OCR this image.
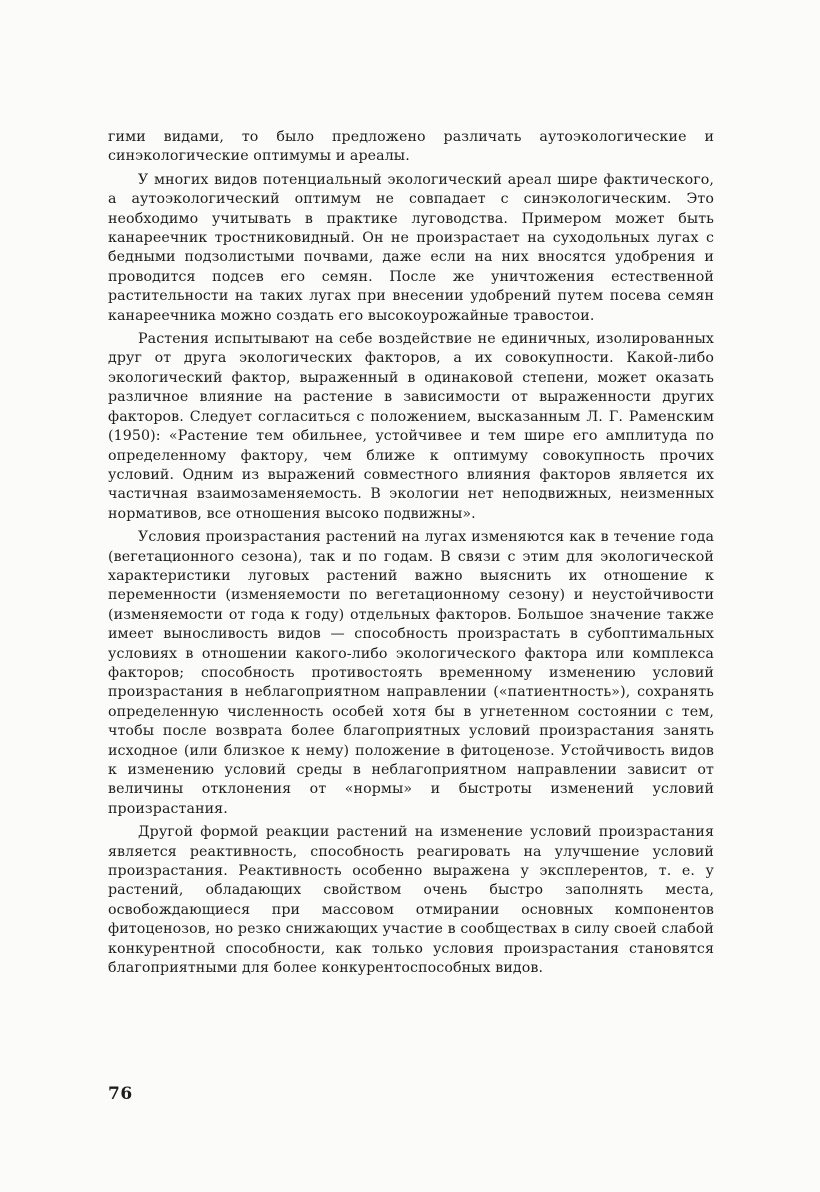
гими видами, то было предложено различать аутоэкологические и синэкологические оптимумы и ареалы.

У многих видов потенциальный экологический ареал шире фактического, а аутоэкологический оптимум не совпадает с синэкологическим. Это необходимо учитывать в практике луговодства. Примером может быть канареечник тростниковидный. Он не произрастает на суходольных лугах с бедными подзолистыми почвами, даже если на них вносятся удобрения и проводится подсев его семян. После же уничтожения естественной растительности на таких лугах при внесении удобрений путем посева семян канареечника можно создать его высокоурожайные травостои.

Растения испытывают на себе воздействие не единичных, изолированных друг от друга экологических факторов, а их совокупности. Какой-либо экологический фактор, выраженный в одинаковой степени, может оказать различное влияние на растение в зависимости от выраженности других факторов. Следует согласиться с положением, высказанным Л. Г. Раменским (1950): «Растение тем обильнее, устойчивее и тем шире его амплитуда по определенному фактору, чем ближе к оптимуму совокупность прочих условий. Одним из выражений совместного влияния факторов является их частичная взаимозаменяемость. В экологии нет неподвижных, неизменных нормативов, все отношения высоко подвижны».

Условия произрастания растений на лугах изменяются как в течение года (вегетационного сезона), так и по годам. В связи с этим для экологической характеристики луговых растений важно выяснить их отношение к переменности (изменяемости по вегетационному сезону) и неустойчивости (изменяемости от года к году) отдельных факторов. Большое значение также имеет выносливость видов — способность произрастать в субоптимальных условиях в отношении какого-либо экологического фактора или комплекса факторов; способность противостоять временному изменению условий произрастания в неблагоприятном направлении («патиентность»), сохранять определенную численность особей хотя бы в угнетенном состоянии с тем, чтобы после возврата более благоприятных условий произрастания занять исходное (или близкое к нему) положение в фитоценозе. Устойчивость видов к изменению условий среды в неблагоприятном направлении зависит от величины отклонения от «нормы» и быстроты изменений условий произрастания.

Другой формой реакции растений на изменение условий произрастания является реактивность, способность реагировать на улучшение условий произрастания. Реактивность особенно выражена у эксплерентов, т. е. у растений, обладающих свойством очень быстро заполнять места, освобождающиеся при массовом отмирании основных компонентов фитоценозов, но резко снижающих участие в сообществах в силу своей слабой конкурентной способности, как только условия произрастания становятся благоприятными для более конкурентоспособных видов.

76
